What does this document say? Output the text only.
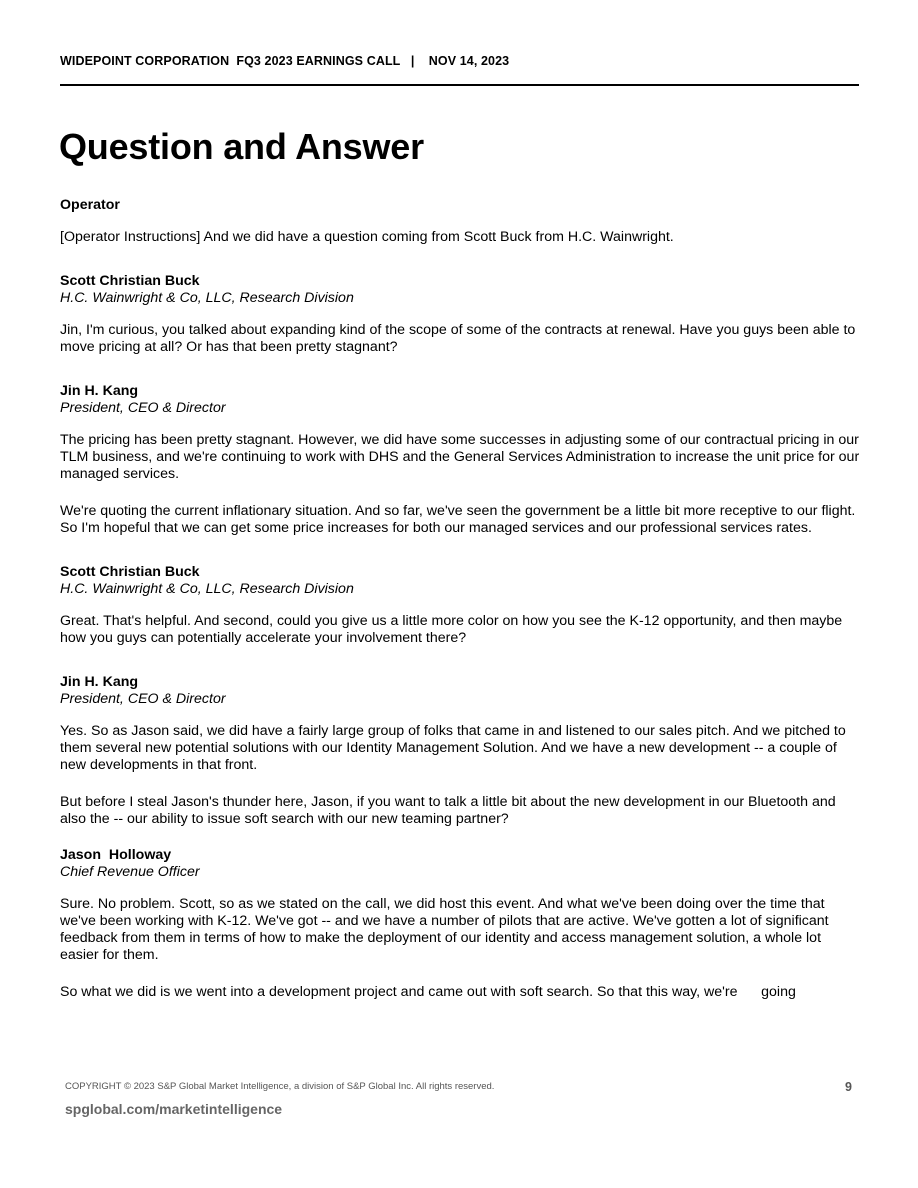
WIDEPOINT CORPORATION  FQ3 2023 EARNINGS CALL   |    NOV 14, 2023
Question and Answer

Operator

[Operator Instructions] And we did have a question coming from Scott Buck from H.C. Wainwright.

Scott Christian Buck

H.C. Wainwright & Co, LLC, Research Division

Jin, I'm curious, you talked about expanding kind of the scope of some of the contracts at renewal. Have you guys been able to move pricing at all? Or has that been pretty stagnant?

Jin H. Kang

President, CEO & Director

The pricing has been pretty stagnant. However, we did have some successes in adjusting some of our contractual pricing in our TLM business, and we're continuing to work with DHS and the General Services Administration to increase the unit price for our managed services.

We're quoting the current inflationary situation. And so far, we've seen the government be a little bit more receptive to our flight. So I'm hopeful that we can get some price increases for both our managed services and our professional services rates.

Scott Christian Buck

H.C. Wainwright & Co, LLC, Research Division

Great. That's helpful. And second, could you give us a little more color on how you see the K-12 opportunity, and then maybe how you guys can potentially accelerate your involvement there?

Jin H. Kang

President, CEO & Director

Yes. So as Jason said, we did have a fairly large group of folks that came in and listened to our sales pitch. And we pitched to them several new potential solutions with our Identity Management Solution. And we have a new development -- a couple of new developments in that front.

But before I steal Jason's thunder here, Jason, if you want to talk a little bit about the new development in our Bluetooth and also the -- our ability to issue soft search with our new teaming partner?

Jason  Holloway

Chief Revenue Officer

Sure. No problem. Scott, so as we stated on the call, we did host this event. And what we've been doing over the time that we've been working with K-12. We've got -- and we have a number of pilots that are active. We've gotten a lot of significant feedback from them in terms of how to make the deployment of our identity and access management solution, a whole lot easier for them.

So what we did is we went into a development project and came out with soft search. So that this way, we're      going

COPYRIGHT © 2023 S&P Global Market Intelligence, a division of S&P Global Inc. All rights reserved.	9
spglobal.com/marketintelligence
